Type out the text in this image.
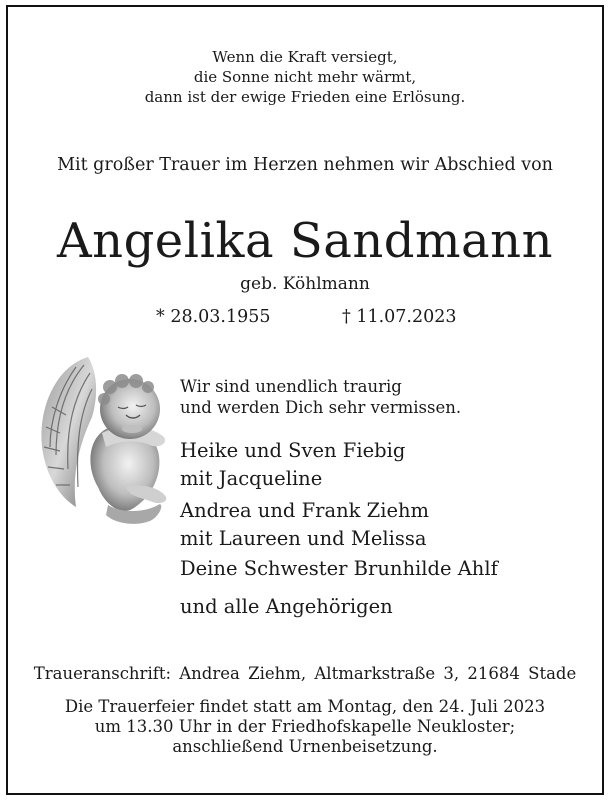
Wenn die Kraft versiegt,
die Sonne nicht mehr wärmt,
dann ist der ewige Frieden eine Erlösung.
Mit großer Trauer im Herzen nehmen wir Abschied von
Angelika Sandmann
geb. Köhlmann
* 28.03.1955	† 11.07.2023
Wir sind unendlich traurig
und werden Dich sehr vermissen.
Heike und Sven Fiebig
mit Jacqueline
Andrea und Frank Ziehm
mit Laureen und Melissa
Deine Schwester Brunhilde Ahlf
und alle Angehörigen
Traueranschrift: Andrea Ziehm, Altmarkstraße 3, 21684 Stade
Die Trauerfeier findet statt am Montag, den 24. Juli 2023
um 13.30 Uhr in der Friedhofskapelle Neukloster;
anschließend Urnenbeisetzung.
